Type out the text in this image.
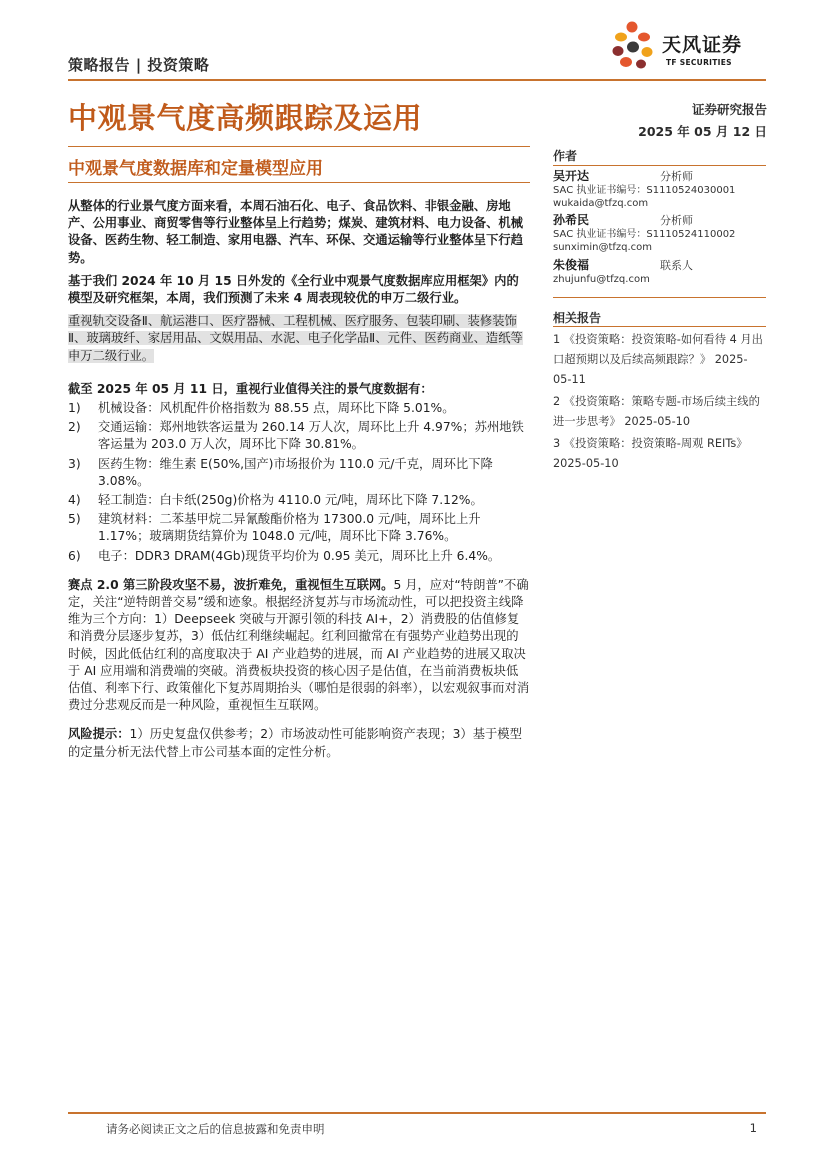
策略报告 | 投资策略
天风证券
TF SECURITIES
中观景气度高频跟踪及运用	证券研究报告
2025 年 05 月 12 日
中观景气度数据库和定量模型应用

从整体的行业景气度方面来看，本周石油石化、电子、食品饮料、非银金融、房地产、公用事业、商贸零售等行业整体呈上行趋势；煤炭、建筑材料、电力设备、机械设备、医药生物、轻工制造、家用电器、汽车、环保、交通运输等行业整体呈下行趋势。

基于我们 2024 年 10 月 15 日外发的《全行业中观景气度数据库应用框架》内的模型及研究框架，本周，我们预测了未来 4 周表现较优的申万二级行业。

重视轨交设备Ⅱ、航运港口、医疗器械、工程机械、医疗服务、包装印刷、装修装饰Ⅱ、玻璃玻纤、家居用品、文娱用品、水泥、电子化学品Ⅱ、元件、医药商业、造纸等申万二级行业。

截至 2025 年 05 月 11 日，重视行业值得关注的景气度数据有：

1)	机械设备：风机配件价格指数为 88.55 点，周环比下降 5.01%。
2)	交通运输：郑州地铁客运量为 260.14 万人次，周环比上升 4.97%；苏州地铁客运量为 203.0 万人次，周环比下降 30.81%。
3)	医药生物：维生素 E(50%,国产)市场报价为 110.0 元/千克，周环比下降 3.08%。
4)	轻工制造：白卡纸(250g)价格为 4110.0 元/吨，周环比下降 7.12%。
5)	建筑材料：二苯基甲烷二异氰酸酯价格为 17300.0 元/吨，周环比上升 1.17%；玻璃期货结算价为 1048.0 元/吨，周环比下降 3.76%。
6)	电子：DDR3 DRAM(4Gb)现货平均价为 0.95 美元，周环比上升 6.4%。

赛点 2.0 第三阶段攻坚不易，波折难免，重视恒生互联网。5 月，应对“特朗普”不确定，关注“逆特朗普交易”缓和迹象。根据经济复苏与市场流动性，可以把投资主线降维为三个方向：1）Deepseek 突破与开源引领的科技 AI+，2）消费股的估值修复和消费分层逐步复苏，3）低估红利继续崛起。红利回撤常在有强势产业趋势出现的时候，因此低估红利的高度取决于 AI 产业趋势的进展，而 AI 产业趋势的进展又取决于 AI 应用端和消费端的突破。消费板块投资的核心因子是估值，在当前消费板块低估值、利率下行、政策催化下复苏周期抬头（哪怕是很弱的斜率），以宏观叙事而对消费过分悲观反而是一种风险，重视恒生互联网。

风险提示：1）历史复盘仅供参考；2）市场波动性可能影响资产表现；3）基于模型的定量分析无法代替上市公司基本面的定性分析。

作者
吴开达	分析师
SAC 执业证书编号：S1110524030001
wukaida@tfzq.com
孙希民	分析师
SAC 执业证书编号：S1110524110002
sunximin@tfzq.com
朱俊福	联系人
zhujunfu@tfzq.com
相关报告
1 《投资策略：投资策略-如何看待 4 月出口超预期以及后续高频跟踪？》 2025-05-11
2 《投资策略：策略专题-市场后续主线的进一步思考》 2025-05-10
3 《投资策略：投资策略-周观 REITs》 2025-05-10
请务必阅读正文之后的信息披露和免责申明	1
